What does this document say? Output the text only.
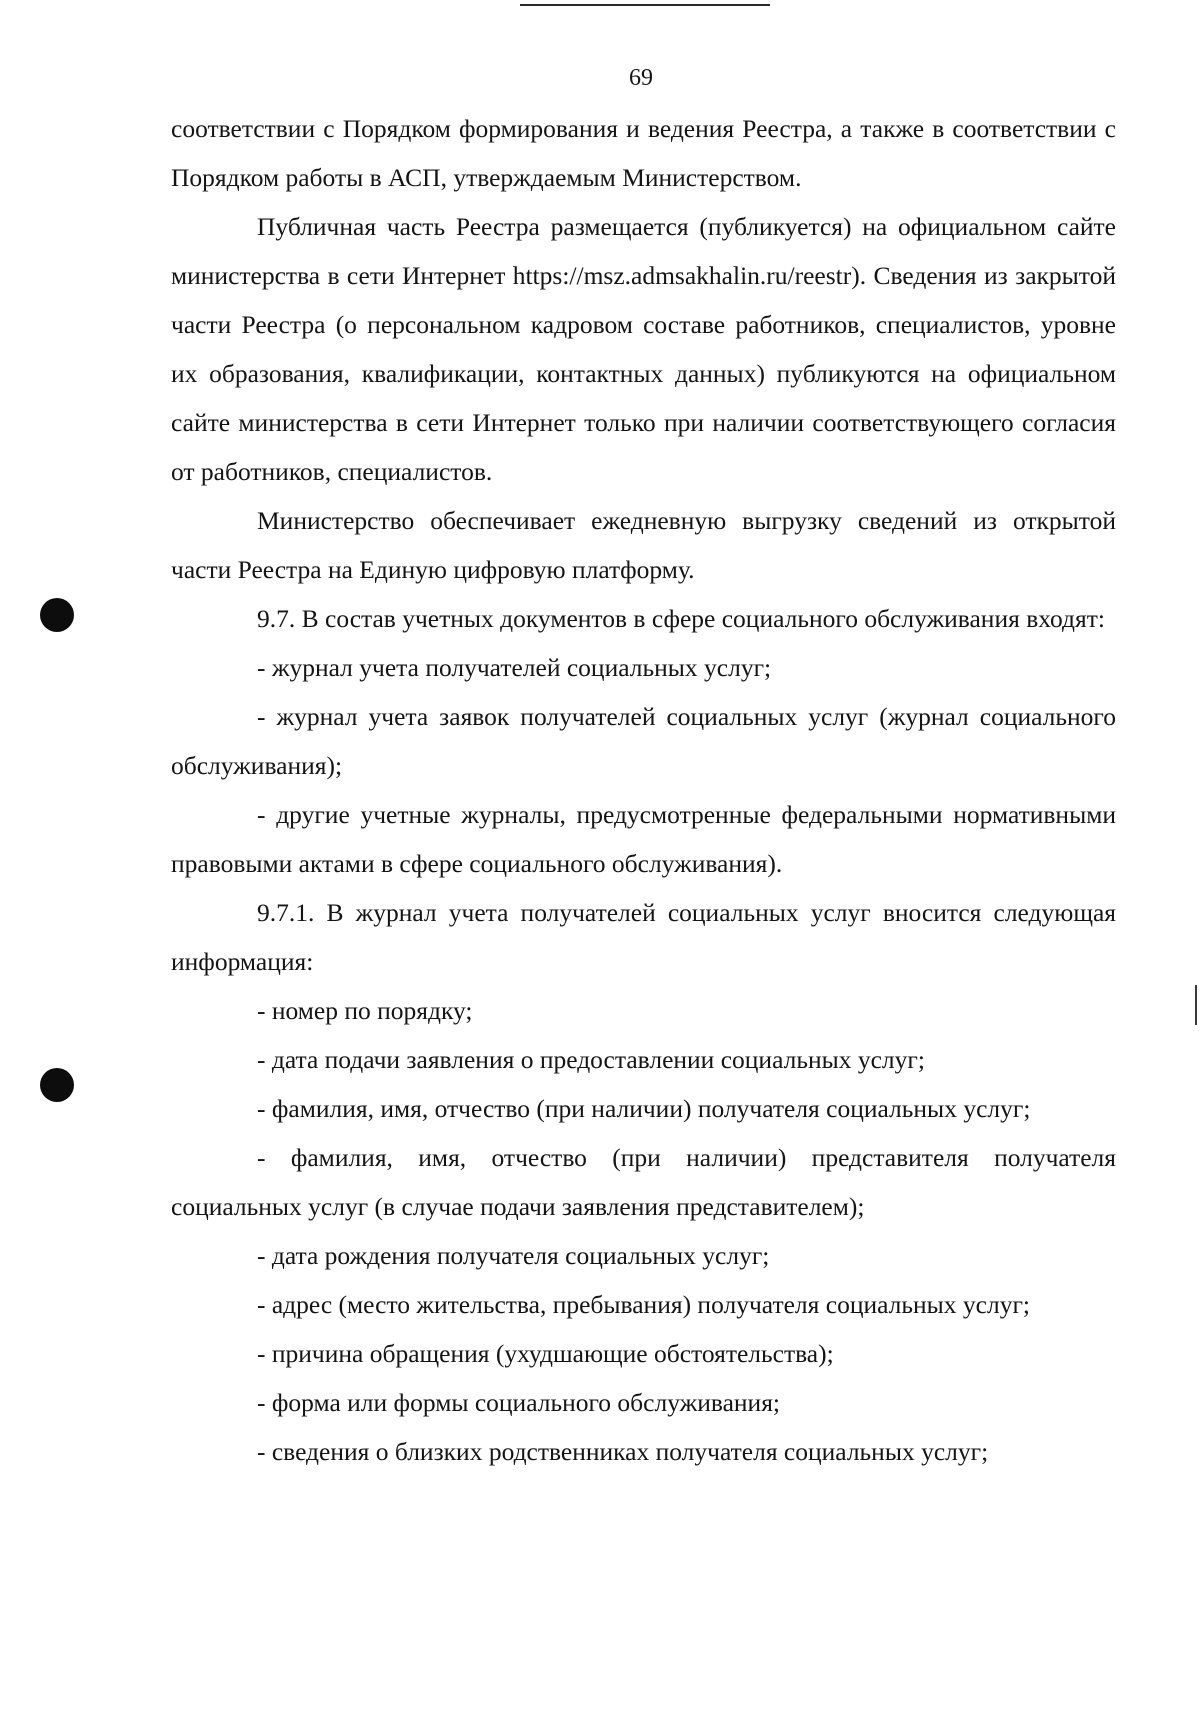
69

соответствии с Порядком формирования и ведения Реестра, а также в соответствии с Порядком работы в АСП, утверждаемым Министерством.

Публичная часть Реестра размещается (публикуется) на официальном сайте министерства в сети Интернет https://msz.admsakhalin.ru/reestr). Сведения из закрытой части Реестра (о персональном кадровом составе работников, специалистов, уровне их образования, квалификации, контактных данных) публикуются на официальном сайте министерства в сети Интернет только при наличии соответствующего согласия от работников, специалистов.

Министерство обеспечивает ежедневную выгрузку сведений из открытой части Реестра на Единую цифровую платформу.

9.7. В состав учетных документов в сфере социального обслуживания входят:

- журнал учета получателей социальных услуг;

- журнал учета заявок получателей социальных услуг (журнал социального обслуживания);

- другие учетные журналы, предусмотренные федеральными нормативными правовыми актами в сфере социального обслуживания).

9.7.1. В журнал учета получателей социальных услуг вносится следующая информация:

- номер по порядку;

- дата подачи заявления о предоставлении социальных услуг;

- фамилия, имя, отчество (при наличии) получателя социальных услуг;

- фамилия, имя, отчество (при наличии) представителя получателя социальных услуг (в случае подачи заявления представителем);

- дата рождения получателя социальных услуг;

- адрес (место жительства, пребывания) получателя социальных услуг;

- причина обращения (ухудшающие обстоятельства);

- форма или формы социального обслуживания;

- сведения о близких родственниках получателя социальных услуг;
